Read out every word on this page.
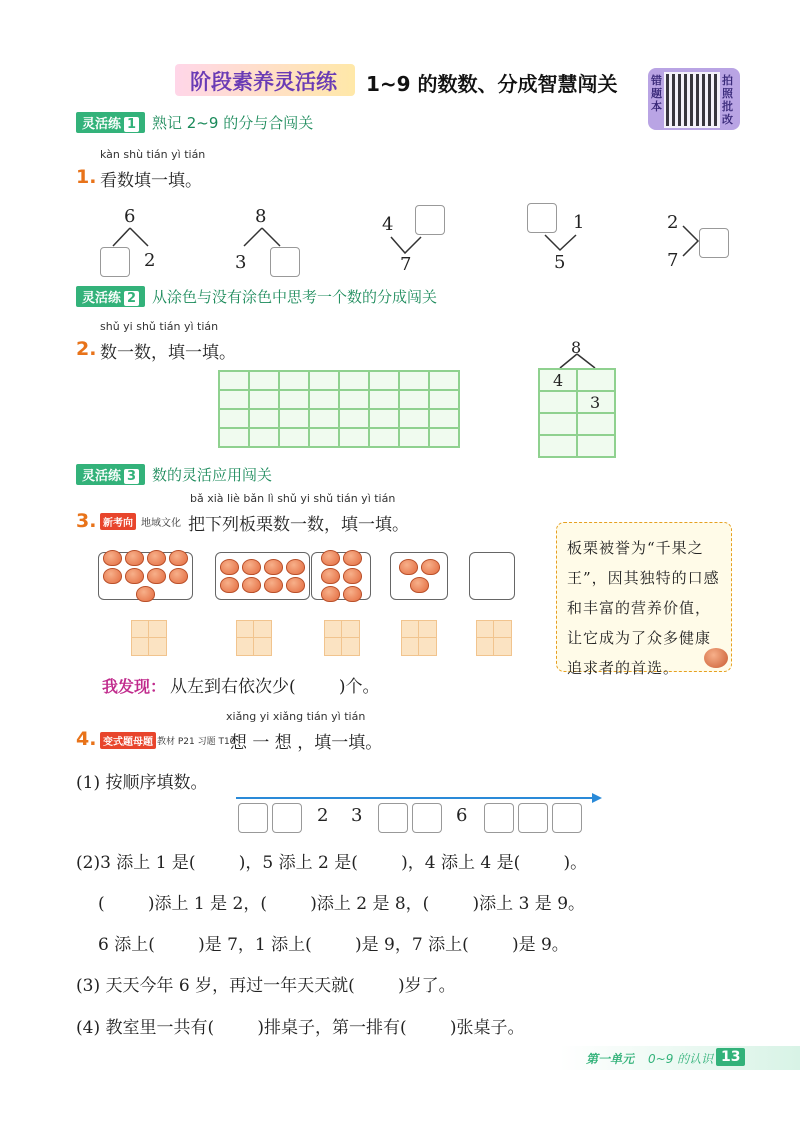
阶段素养灵活练 1~9 的数数、分成智慧闯关	错题本
拍照批改
灵活练 1	熟记 2~9 的分与合闯关
kàn shù tián yì tián
1. 看数填一填。
6
2
8
3
4
7
1
5
2
7
灵活练 2	从涂色与没有涂色中思考一个数的分成闯关
shǔ yi shǔ tián yì tián
2. 数一数，填一填。	8
4
3
灵活练 3	数的灵活应用闯关
bǎ xià liè bǎn lì shǔ yi shǔ tián yì tián
3. 新考向 地域文化 把下列板栗数一数，填一填。
板栗被誉为“千果之王”，因其独特的口感和丰富的营养价值，让它成为了众多健康追求者的首选。
我发现： 从左到右依次少(        )个。
xiǎng yi xiǎng tián yì tián
4. 变式题母题 教材 P21 习题 T10
想 一 想 ，填一填。
(1) 按顺序填数。
2 3	6
(2)3 添上 1 是(        )，5 添上 2 是(        )，4 添上 4 是(        )。
(        )添上 1 是 2，(        )添上 2 是 8，(        )添上 3 是 9。
6 添上(        )是 7，1 添上(        )是 9，7 添上(        )是 9。
(3) 天天今年 6 岁，再过一年天天就(        )岁了。
(4) 教室里一共有(        )排桌子，第一排有(        )张桌子。
第一单元 0~9 的认识 13
